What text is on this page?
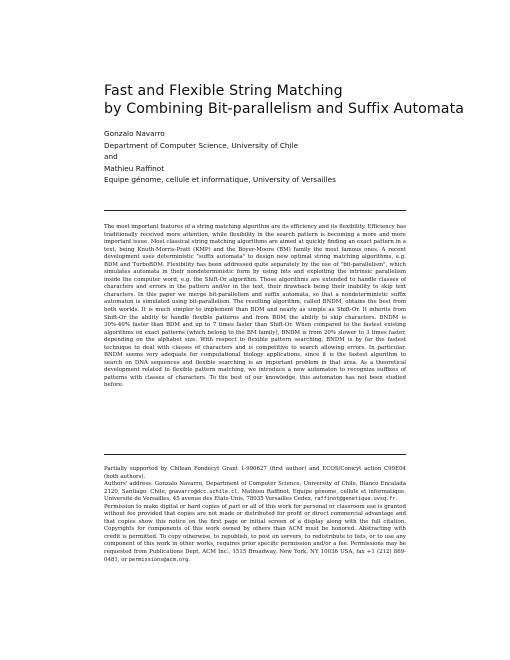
Fast and Flexible String Matching
by Combining Bit-parallelism and Suffix Automata
Gonzalo Navarro
Department of Computer Science, University of Chile
and
Mathieu Raffinot
Equipe génome, cellule et informatique, University of Versailles

The most important features of a string matching algorithm are its efficiency and its flexibility. Efficiency has traditionally received more attention, while flexibility in the search pattern is becoming a more and more important issue. Most classical string matching algorithms are aimed at quickly finding an exact pattern in a text, being Knuth-Morris-Pratt (KMP) and the Boyer-Moore (BM) family the most famous ones. A recent development uses deterministic "suffix automata" to design new optimal string matching algorithms, e.g. BDM and TurboBDM. Flexibility has been addressed quite separately by the use of "bit-parallelism", which simulates automata in their nondeterministic form by using bits and exploiting the intrinsic parallelism inside the computer word, e.g. the Shift-Or algorithm. Those algorithms are extended to handle classes of characters and errors in the pattern and/or in the text, their drawback being their inability to skip text characters. In this paper we merge bit-parallelism and suffix automata, so that a nondeterministic suffix automaton is simulated using bit-parallelism. The resulting algorithm, called BNDM, obtains the best from both worlds. It is much simpler to implement than BDM and nearly as simple as Shift-Or. It inherits from Shift-Or the ability to handle flexible patterns and from BDM the ability to skip characters. BNDM is 30%-40% faster than BDM and up to 7 times faster than Shift-Or. When compared to the fastest existing algorithms on exact patterns (which belong to the BM family), BNDM is from 20% slower to 3 times faster, depending on the alphabet size. With respect to flexible pattern searching, BNDM is by far the fastest technique to deal with classes of characters and is competitive to search allowing errors. In particular, BNDM seems very adequate for computational biology applications, since it is the fastest algorithm to search on DNA sequences and flexible searching is an important problem in that area. As a theoretical development related to flexible pattern matching, we introduce a new automaton to recognize suffixes of patterns with classes of characters. To the best of our knowledge, this automaton has not been studied before.

Partially supported by Chilean Fondecyt Grant 1-990627 (first author) and ECOS/Conicyt action C99E04 (both authors).

Authors' address: Gonzalo Navarro, Department of Computer Science, University of Chile, Blanco Encalada 2120, Santiago, Chile, gnavarro@dcc.uchile.cl. Mathieu Raffinot, Equipe génome, cellule et informatique, Université de Versailles, 45 avenue des Etats-Unis, 78035 Versailles Cedex, raffinot@genetique.uvsq.fr.

Permission to make digital or hard copies of part or all of this work for personal or classroom use is granted without fee provided that copies are not made or distributed for profit or direct commercial advantage and that copies show this notice on the first page or initial screen of a display along with the full citation. Copyrights for components of this work owned by others than ACM must be honored. Abstracting with credit is permitted. To copy otherwise, to republish, to post on servers, to redistribute to lists, or to use any component of this work in other works, requires prior specific permission and/or a fee. Permissions may be requested from Publications Dept, ACM Inc., 1515 Broadway, New York, NY 10036 USA, fax +1 (212) 869-0481, or permissions@acm.org.
